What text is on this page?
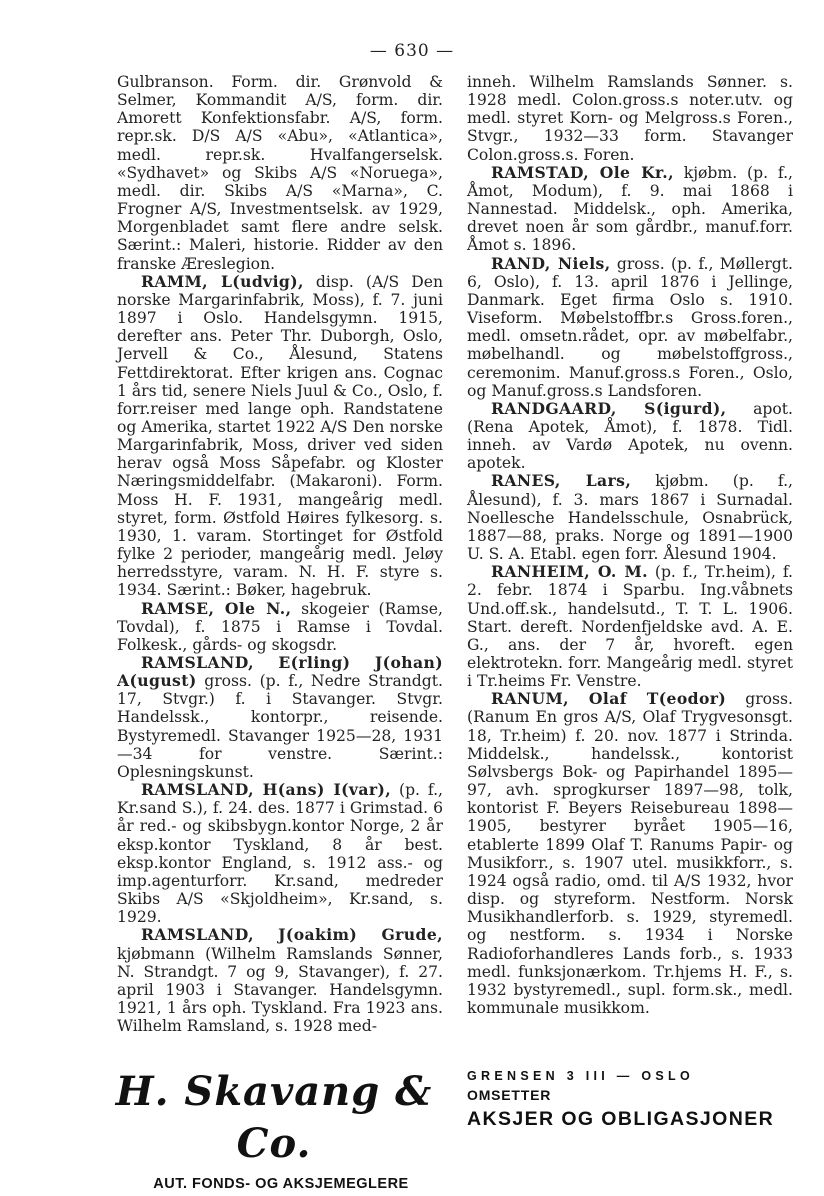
— 630 —

Gulbranson. Form. dir. Grønvold & Selmer, Kommandit A/S, form. dir. Amorett Konfektionsfabr. A/S, form. repr.sk. D/S A/S «Abu», «Atlantica», medl. repr.sk. Hvalfangerselsk. «Sydhavet» og Skibs A/S «Noruega», medl. dir. Skibs A/S «Marna», C. Frogner A/S, Investmentselsk. av 1929, Morgenbladet samt flere andre selsk. Særint.: Maleri, historie. Ridder av den franske Æreslegion.

RAMM, L(udvig), disp. (A/S Den norske Margarinfabrik, Moss), f. 7. juni 1897 i Oslo. Handelsgymn. 1915, derefter ans. Peter Thr. Duborgh, Oslo, Jervell & Co., Ålesund, Statens Fettdirektorat. Efter krigen ans. Cognac 1 års tid, senere Niels Juul & Co., Oslo, f. forr.reiser med lange oph. Randstatene og Amerika, startet 1922 A/S Den norske Margarinfabrik, Moss, driver ved siden herav også Moss Såpefabr. og Kloster Næringsmiddelfabr. (Makaroni). Form. Moss H. F. 1931, mangeårig medl. styret, form. Østfold Høires fylkesorg. s. 1930, 1. varam. Stortinget for Østfold fylke 2 perioder, mangeårig medl. Jeløy herredsstyre, varam. N. H. F. styre s. 1934. Særint.: Bøker, hagebruk.

RAMSE, Ole N., skogeier (Ramse, Tovdal), f. 1875 i Ramse i Tovdal. Folkesk., gårds- og skogsdr.

RAMSLAND, E(rling) J(ohan) A(ugust) gross. (p. f., Nedre Strandgt. 17, Stvgr.) f. i Stavanger. Stvgr. Handelssk., kontorpr., reisende. Bystyremedl. Stavanger 1925—28, 1931—34 for venstre. Særint.: Oplesningskunst.

RAMSLAND, H(ans) I(var), (p. f., Kr.sand S.), f. 24. des. 1877 i Grimstad. 6 år red.- og skibsbygn.kontor Norge, 2 år eksp.kontor Tyskland, 8 år best. eksp.kontor England, s. 1912 ass.- og imp.agenturforr. Kr.sand, medreder Skibs A/S «Skjoldheim», Kr.sand, s. 1929.

RAMSLAND, J(oakim) Grude, kjøbmann (Wilhelm Ramslands Sønner, N. Strandgt. 7 og 9, Stavanger), f. 27. april 1903 i Stavanger. Handelsgymn. 1921, 1 års oph. Tyskland. Fra 1923 ans. Wilhelm Ramsland, s. 1928 med-

inneh. Wilhelm Ramslands Sønner. s. 1928 medl. Colon.gross.s noter.utv. og medl. styret Korn- og Melgross.s Foren., Stvgr., 1932—33 form. Stavanger Colon.gross.s. Foren.

RAMSTAD, Ole Kr., kjøbm. (p. f., Åmot, Modum), f. 9. mai 1868 i Nannestad. Middelsk., oph. Amerika, drevet noen år som gårdbr., manuf.forr. Åmot s. 1896.

RAND, Niels, gross. (p. f., Møllergt. 6, Oslo), f. 13. april 1876 i Jellinge, Danmark. Eget firma Oslo s. 1910. Viseform. Møbelstoffbr.s Gross.foren., medl. omsetn.rådet, opr. av møbelfabr., møbelhandl. og møbelstoffgross., ceremonim. Manuf.gross.s Foren., Oslo, og Manuf.gross.s Landsforen.

RANDGAARD, S(igurd), apot. (Rena Apotek, Åmot), f. 1878. Tidl. inneh. av Vardø Apotek, nu ovenn. apotek.

RANES, Lars, kjøbm. (p. f., Ålesund), f. 3. mars 1867 i Surnadal. Noellesche Handelsschule, Osnabrück, 1887—88, praks. Norge og 1891—1900 U. S. A. Etabl. egen forr. Ålesund 1904.

RANHEIM, O. M. (p. f., Tr.heim), f. 2. febr. 1874 i Sparbu. Ing.våbnets Und.off.sk., handelsutd., T. T. L. 1906. Start. dereft. Nordenfjeldske avd. A. E. G., ans. der 7 år, hvoreft. egen elektrotekn. forr. Mangeårig medl. styret i Tr.heims Fr. Venstre.

RANUM, Olaf T(eodor) gross. (Ranum En gros A/S, Olaf Trygvesonsgt. 18, Tr.heim) f. 20. nov. 1877 i Strinda. Middelsk., handelssk., kontorist Sølvsbergs Bok- og Papirhandel 1895—97, avh. sprogkurser 1897—98, tolk, kontorist F. Beyers Reisebureau 1898—1905, bestyrer byrået 1905—16, etablerte 1899 Olaf T. Ranums Papir- og Musikforr., s. 1907 utel. musikkforr., s. 1924 også radio, omd. til A/S 1932, hvor disp. og styreform. Nestform. Norsk Musikhandlerforb. s. 1929, styremedl. og nestform. s. 1934 i Norske Radioforhandleres Lands forb., s. 1933 medl. funksjonærkom. Tr.hjems H. F., s. 1932 bystyremedl., supl. form.sk., medl. kommunale musikkom.

H. Skavang & Co.
AUT. FONDS- OG AKSJEMEGLERE
GRENSEN 3 III — OSLO
OMSETTER
AKSJER OG OBLIGASJONER
